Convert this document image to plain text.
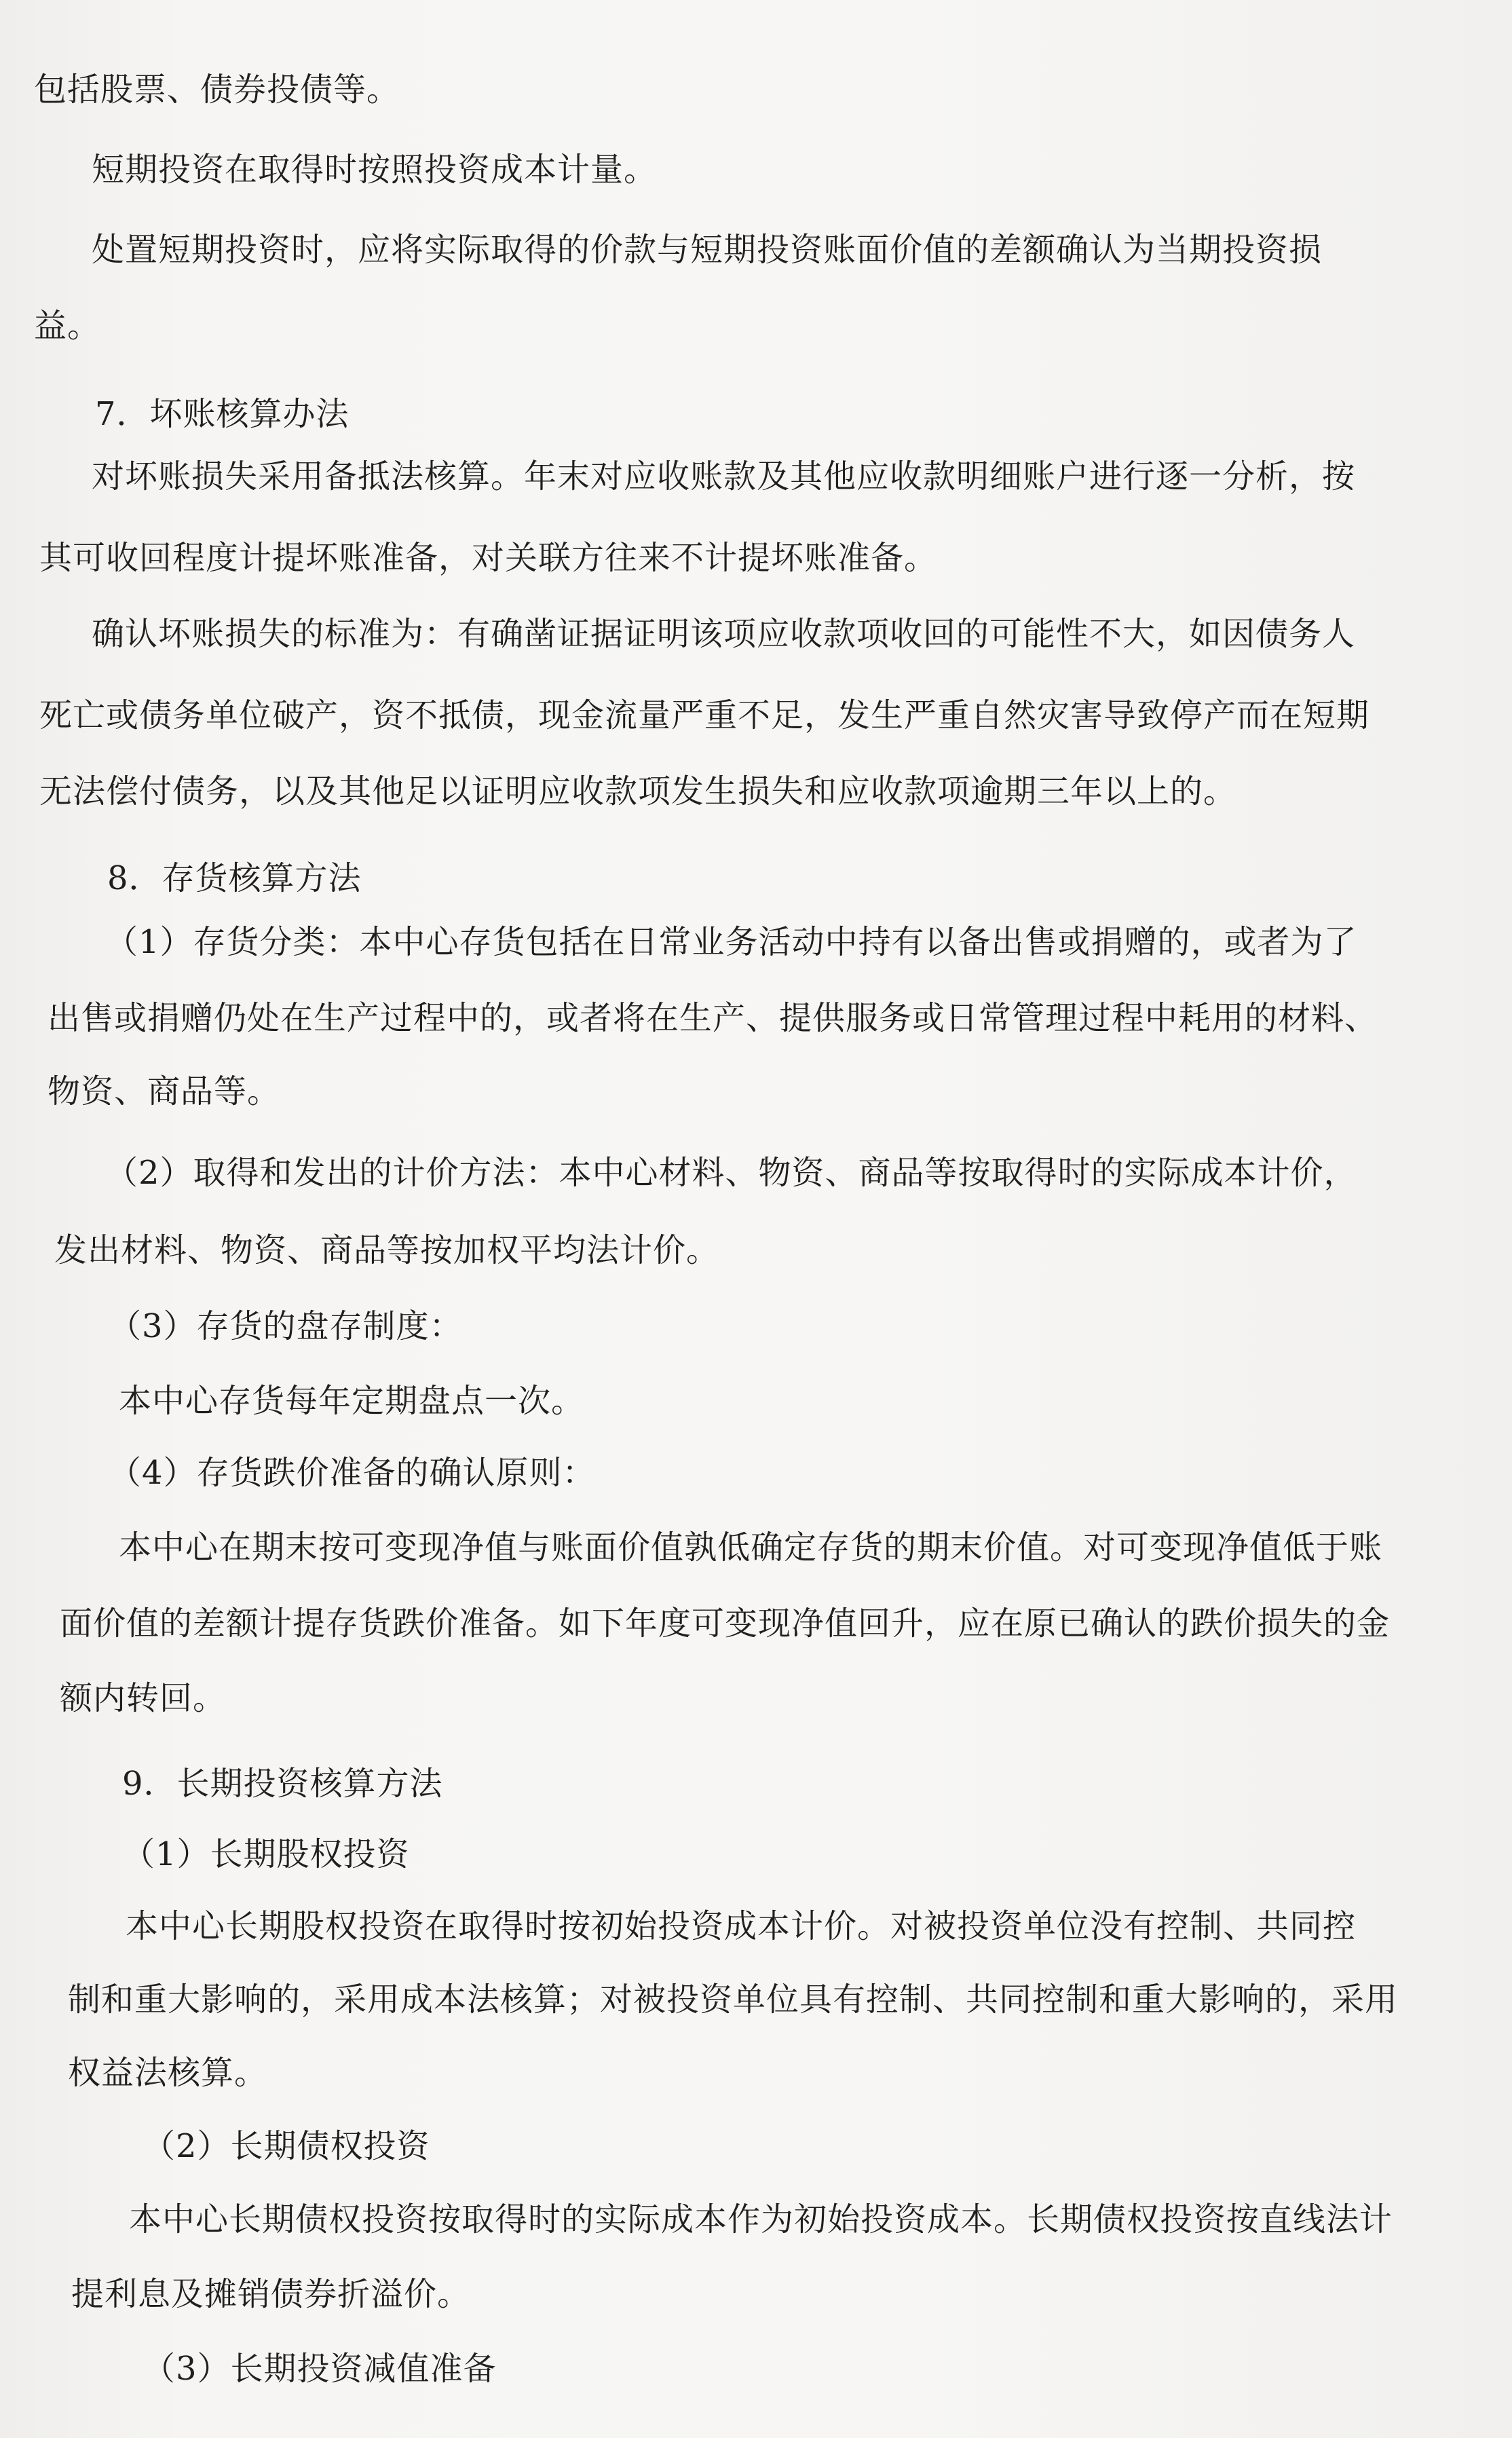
包括股票、债券投债等。
短期投资在取得时按照投资成本计量。
处置短期投资时，应将实际取得的价款与短期投资账面价值的差额确认为当期投资损
益。
7．坏账核算办法
对坏账损失采用备抵法核算。年末对应收账款及其他应收款明细账户进行逐一分析，按
其可收回程度计提坏账准备，对关联方往来不计提坏账准备。
确认坏账损失的标准为：有确凿证据证明该项应收款项收回的可能性不大，如因债务人
死亡或债务单位破产，资不抵债，现金流量严重不足，发生严重自然灾害导致停产而在短期
无法偿付债务，以及其他足以证明应收款项发生损失和应收款项逾期三年以上的。
8．存货核算方法
（1）存货分类：本中心存货包括在日常业务活动中持有以备出售或捐赠的，或者为了
出售或捐赠仍处在生产过程中的，或者将在生产、提供服务或日常管理过程中耗用的材料、
物资、商品等。
（2）取得和发出的计价方法：本中心材料、物资、商品等按取得时的实际成本计价，
发出材料、物资、商品等按加权平均法计价。
（3）存货的盘存制度：
本中心存货每年定期盘点一次。
（4）存货跌价准备的确认原则：
本中心在期末按可变现净值与账面价值孰低确定存货的期末价值。对可变现净值低于账
面价值的差额计提存货跌价准备。如下年度可变现净值回升，应在原已确认的跌价损失的金
额内转回。
9．长期投资核算方法
（1）长期股权投资
本中心长期股权投资在取得时按初始投资成本计价。对被投资单位没有控制、共同控
制和重大影响的，采用成本法核算；对被投资单位具有控制、共同控制和重大影响的，采用
权益法核算。
（2）长期债权投资
本中心长期债权投资按取得时的实际成本作为初始投资成本。长期债权投资按直线法计
提利息及摊销债券折溢价。
（3）长期投资减值准备
